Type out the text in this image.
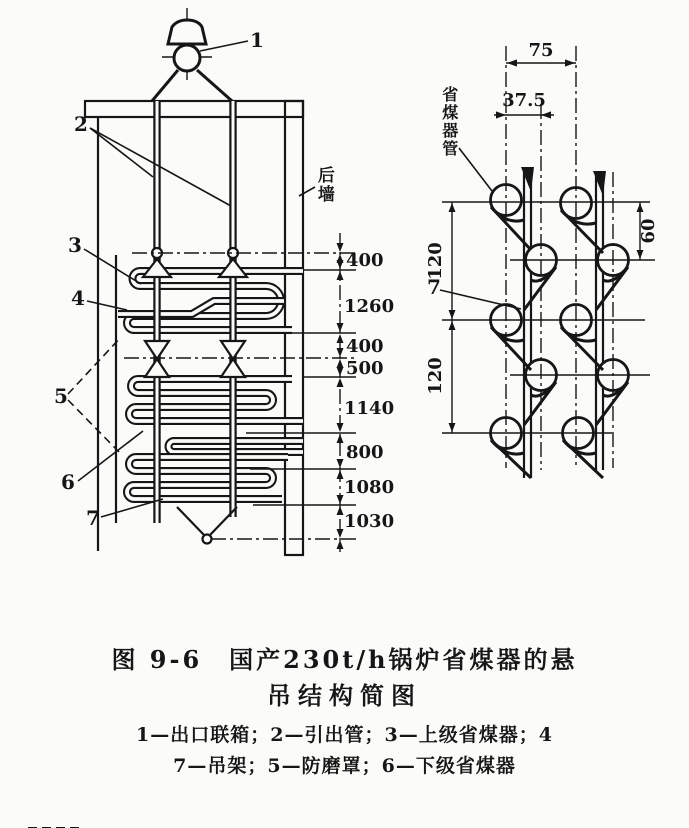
400
1260
400
500
1140
800
1080
1030
1
2
3
4
5
6
7
75
37.5
120
120
60
7
后墙
省煤器管
图 9-6　国产230t/h锅炉省煤器的悬
吊结构简图
1—出口联箱；2—引出管；3—上级省煤器；4
7—吊架；5—防磨罩；6—下级省煤器
